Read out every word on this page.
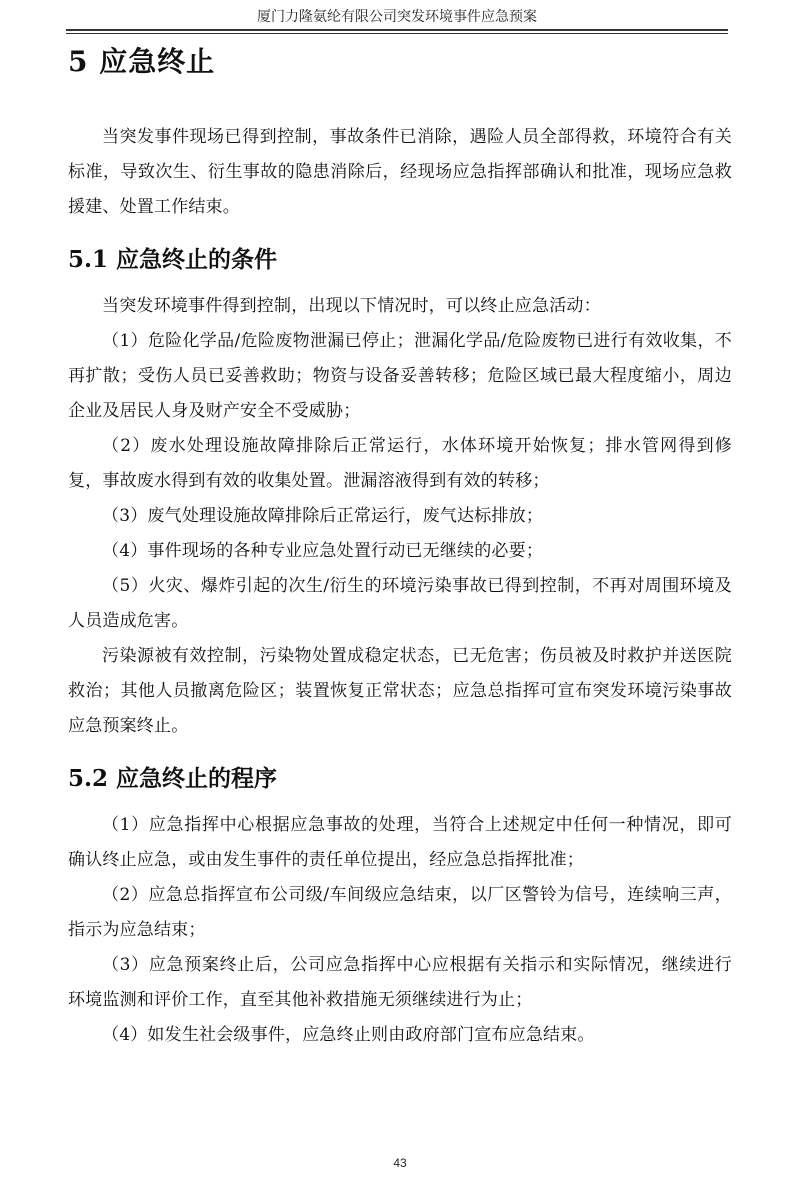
厦门力隆氨纶有限公司突发环境事件应急预案
5 应急终止

当突发事件现场已得到控制，事故条件已消除，遇险人员全部得救，环境符合有关标准，导致次生、衍生事故的隐患消除后，经现场应急指挥部确认和批准，现场应急救援建、处置工作结束。

5.1 应急终止的条件

当突发环境事件得到控制，出现以下情况时，可以终止应急活动：

（1）危险化学品/危险废物泄漏已停止；泄漏化学品/危险废物已进行有效收集，不再扩散；受伤人员已妥善救助；物资与设备妥善转移；危险区域已最大程度缩小，周边企业及居民人身及财产安全不受威胁；

（2）废水处理设施故障排除后正常运行，水体环境开始恢复；排水管网得到修复，事故废水得到有效的收集处置。泄漏溶液得到有效的转移；

（3）废气处理设施故障排除后正常运行，废气达标排放；

（4）事件现场的各种专业应急处置行动已无继续的必要；

（5）火灾、爆炸引起的次生/衍生的环境污染事故已得到控制，不再对周围环境及人员造成危害。

污染源被有效控制，污染物处置成稳定状态，已无危害；伤员被及时救护并送医院救治；其他人员撤离危险区；装置恢复正常状态；应急总指挥可宣布突发环境污染事故应急预案终止。

5.2 应急终止的程序

（1）应急指挥中心根据应急事故的处理，当符合上述规定中任何一种情况，即可确认终止应急，或由发生事件的责任单位提出，经应急总指挥批准；

（2）应急总指挥宣布公司级/车间级应急结束，以厂区警铃为信号，连续响三声， 指示为应急结束；

（3）应急预案终止后，公司应急指挥中心应根据有关指示和实际情况，继续进行环境监测和评价工作，直至其他补救措施无须继续进行为止；

（4）如发生社会级事件，应急终止则由政府部门宣布应急结束。

43
